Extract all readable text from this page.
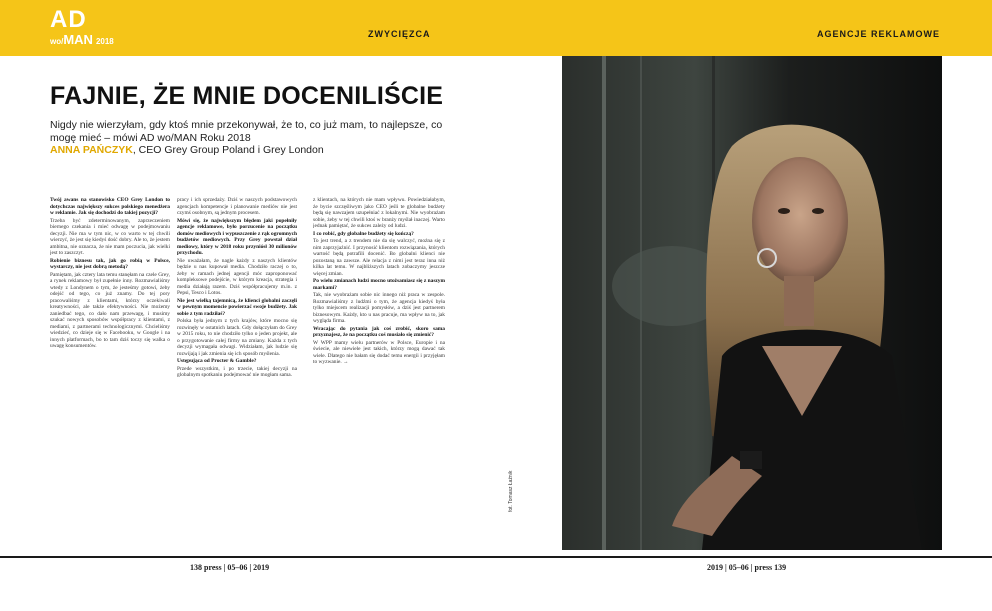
AD
wo/MAN 2018
ZWYCIĘZCA	AGENCJE REKLAMOWE
FAJNIE, ŻE MNIE DOCENILIŚCIE
Nigdy nie wierzyłam, gdy ktoś mnie przekonywał, że to, co już mam, to najlepsze, co mogę mieć – mówi AD wo/MAN Roku 2018
ANNA PAŃCZYK, CEO Grey Group Poland i Grey London

Twój awans na stanowisko CEO Grey London to dotychczas największy sukces polskiego menedżera w reklamie. Jak się dochodzi do takiej pozycji?

Trzeba być zdeterminowanym, zaprzeczeniem biernego czekania i mieć odwagę w podejmowaniu decyzji. Nie ma w tym nic, w co warto w tej chwili wierzyć, że jest się kiedyś dość dobry. Ale to, że jestem ambitna, nie oznacza, że nie mam poczucia, jak wielki jest to zaszczyt.

Robienie biznesu tak, jak go robią w Polsce, wystarczy, nie jest dobrą metodą?

Pamiętam, jak cztery lata temu stanęłam na czele Grey, a rynek reklamowy był zupełnie inny. Rozmawialiśmy wtedy z Londynem o tym, że jesteśmy gotowi, żeby odejść od tego, co już znamy. Do tej pory pracowaliśmy z klientami, którzy oczekiwali kreatywności, ale także efektywności. Nie możemy zaniedbać tego, co dało nam przewagę, i musimy szukać nowych sposobów współpracy z klientami, z mediami, z partnerami technologicznymi. Chcieliśmy wiedzieć, co dzieje się w Facebooku, w Google i na innych platformach, bo to tam dziś toczy się walka o uwagę konsumentów.

pracy i ich sprzedaży. Dziś w naszych podstawowych agencjach kompetencje i planowanie mediów nie jest czymś osobnym, są jednym procesem.

Mówi się, że największym błędem jaki popełniły agencje reklamowe, było porzucenie na początku domów mediowych i wypuszczenie z rąk ogromnych budżetów mediowych. Przy Grey powstał dział mediowy, który w 2018 roku przyniósł 30 milionów przychodu.

Nie uważałam, że nagle każdy z naszych klientów będzie u nas kupował media. Chodziło raczej o to, żeby w ramach jednej agencji móc zaproponować kompleksowe podejście, w którym kreacja, strategia i media działają razem. Dziś współpracujemy m.in. z Pepsi, Tesco i Lotos.

Nie jest wielką tajemnicą, że klienci globalni zaczęli w pewnym momencie powierzać swoje budżety. Jak sobie z tym radziłaś?

Polska była jednym z tych krajów, które mocno się rozwinęły w ostatnich latach. Gdy dołączyłam do Grey w 2015 roku, to nie chodziło tylko o jeden projekt, ale o przygotowanie całej firmy na zmiany. Każda z tych decyzji wymagała odwagi. Widziałam, jak ludzie się rozwijają i jak zmienia się ich sposób myślenia.

Ustępująca od Procter & Gamble?

Przede wszystkim, i po trzecie, takiej decyzji na globalnym spotkaniu podejmować nie mogłam sama.

z klientach, na których nie mam wpływu. Powiedziałabym, że bycie szczęśliwym jako CEO jeśli te globalne budżety będą się nawzajem uzupełniać z lokalnymi. Nie wyobrażam sobie, żeby w tej chwili ktoś w branży myślał inaczej. Warto jednak pamiętać, że sukces zależy od ludzi.

I co robić, gdy globalne budżety się kończą?

To jest trend, a z trendem nie da się walczyć, można się z nim zaprzyjaźnić. I przynosić klientom rozwiązania, których wartość będą potrafili docenić. Bo globalni klienci nie pozostaną na zawsze. Ale relacja z nimi jest teraz inna niż kilka lat temu. W najbliższych latach zobaczymy jeszcze więcej zmian.

Po wielu zmianach ludzi mocno utożsamiasz się z naszym markami?

Tak, nie wyobrażam sobie nic innego niż praca w zespole. Rozmawialiśmy z ludźmi o tym, że agencja kiedyś była tylko miejscem realizacji pomysłów, a dziś jest partnerem biznesowym. Każdy, kto u nas pracuje, ma wpływ na to, jak wygląda firma.

Wracając do pytania jak coś zrobić, skoro sama przyznajesz, że na początku coś musiało się zmienić?

W WPP mamy wielu partnerów w Polsce, Europie i na świecie, ale niewiele jest takich, którzy mogą dawać tak wiele. Dlatego nie bałam się dodać temu energii i przyjęłam to wyzwanie. →

fot. Tomasz Łaźnik
138 press | 05–06 | 2019	2019 | 05–06 | press 139
